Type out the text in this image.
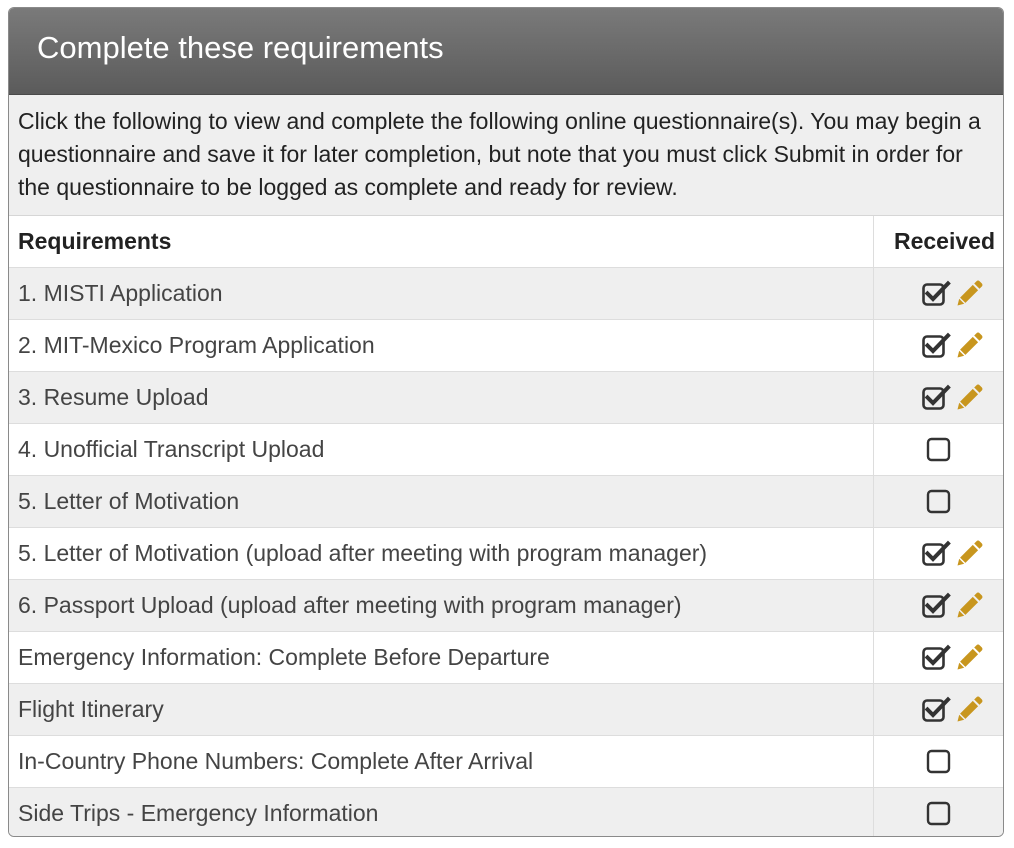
Complete these requirements
Click the following to view and complete the following online questionnaire(s). You may begin a questionnaire and save it for later completion, but note that you must click Submit in order for the questionnaire to be logged as complete and ready for review.
Requirements	Received
1. MISTI Application	

2. MIT-Mexico Program Application	

3. Resume Upload	

4. Unofficial Transcript Upload	

5. Letter of Motivation	

5. Letter of Motivation (upload after meeting with program manager)	

6. Passport Upload (upload after meeting with program manager)	

Emergency Information: Complete Before Departure	

Flight Itinerary	

In-Country Phone Numbers: Complete After Arrival	

Side Trips - Emergency Information	
